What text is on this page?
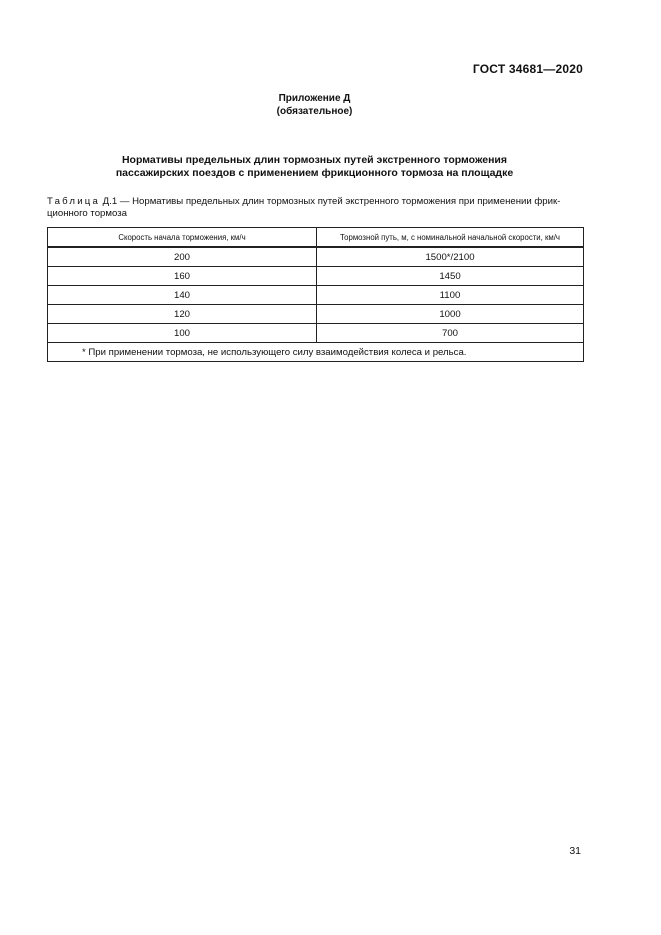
ГОСТ 34681—2020
Приложение Д
(обязательное)
Нормативы предельных длин тормозных путей экстренного торможения
пассажирских поездов с применением фрикционного тормоза на площадке
Таблица Д.1 — Нормативы предельных длин тормозных путей экстренного торможения при применении фрик-
ционного тормоза
Скорость начала торможения, км/ч	Тормозной путь, м, с номинальной начальной скорости, км/ч
200	1500*/2100
160	1450
140	1100
120	1000
100	700
* При применении тормоза, не использующего силу взаимодействия колеса и рельса.	
31
